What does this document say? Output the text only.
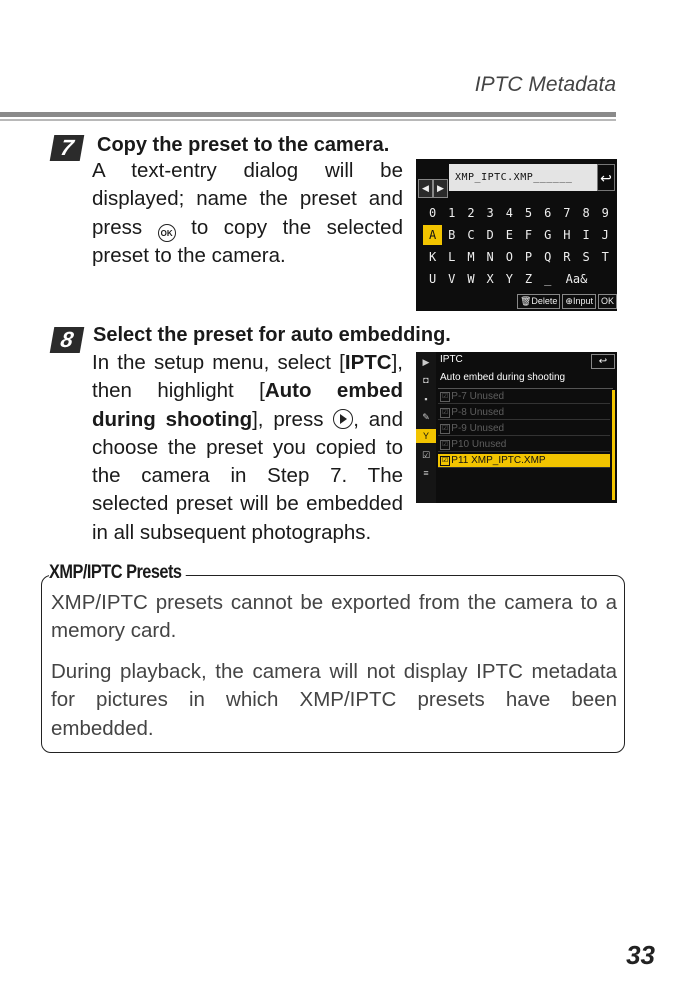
IPTC Metadata
7	Copy the preset to the camera.
A text-entry dialog will be displayed; name the preset and press OK to copy the selected preset to the camera.
◀ ▶
XMP_IPTC.XMP______	↩
0 1 2 3 4 5 6 7 8 9
A B C D E F G H I J
K L M N O P Q R S T
U V W X Y Z _	Aa&
🗑Delete ⊕Input OK
8 Select the preset for auto embedding.
In the setup menu, select [IPTC], then highlight [Auto embed during shooting], press , and choose the preset you copied to the camera in Step 7. The selected preset will be embedded in all subsequent photographs.
▶
◘
▪
✎
Y
☑
≡
IPTC	↩
Auto embed during shooting
☑ P-7 Unused
☑ P-8 Unused
☑ P-9 Unused
☑ P10 Unused
☑ P11 XMP_IPTC.XMP
XMP/IPTC Presets
XMP/IPTC presets cannot be exported from the camera to a memory card.
During playback, the camera will not display IPTC metadata for pictures in which XMP/IPTC presets have been embedded.
33
